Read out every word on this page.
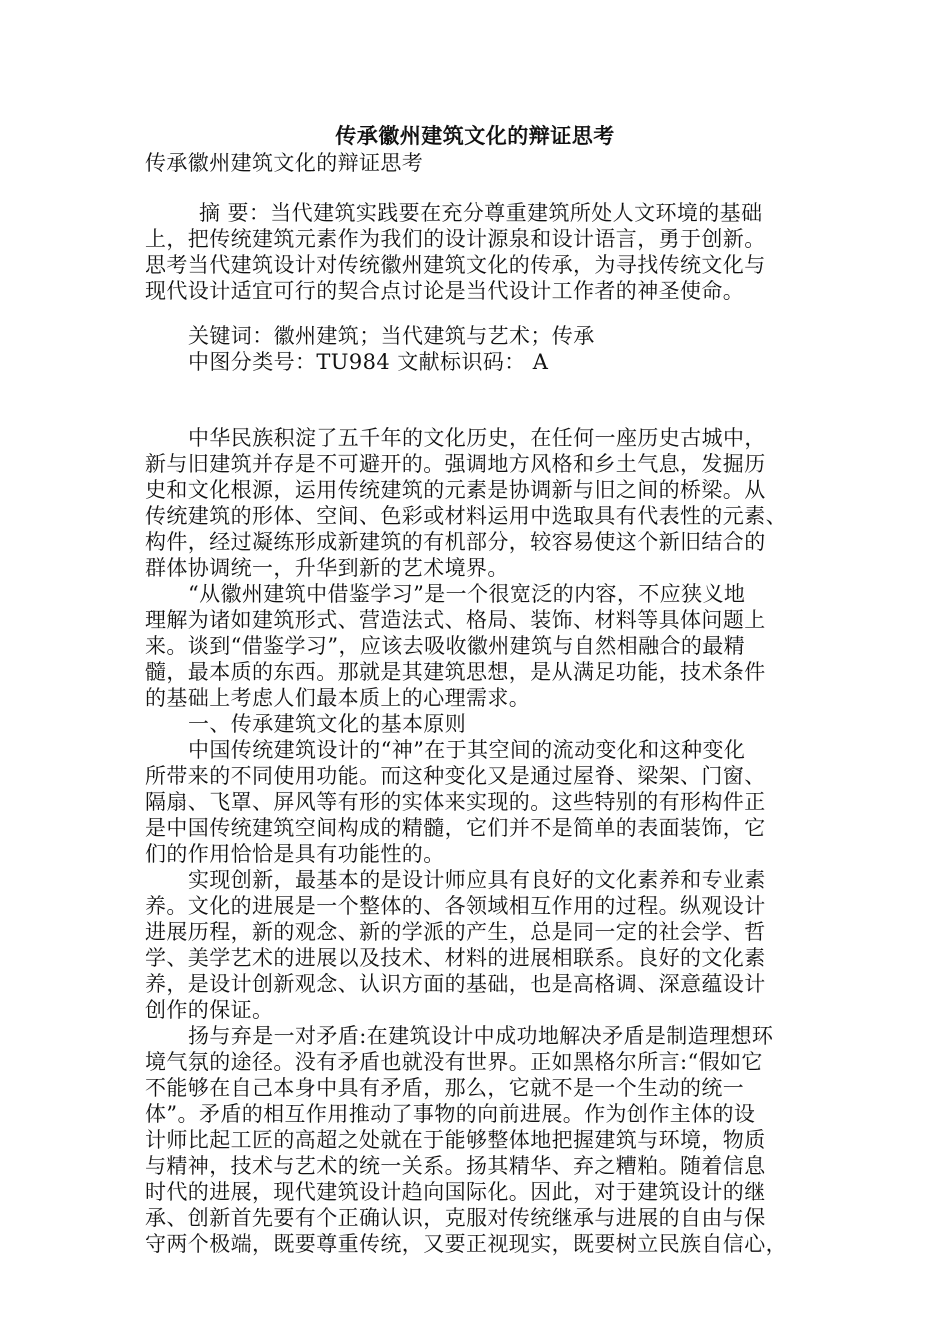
传承徽州建筑文化的辩证思考
传承徽州建筑文化的辩证思考
摘 要：当代建筑实践要在充分尊重建筑所处人文环境的基础
上，把传统建筑元素作为我们的设计源泉和设计语言，勇于创新。
思考当代建筑设计对传统徽州建筑文化的传承，为寻找传统文化与
现代设计适宜可行的契合点讨论是当代设计工作者的神圣使命。
关键词：徽州建筑；当代建筑与艺术；传承
中图分类号：TU984 文献标识码： A
中华民族积淀了五千年的文化历史，在任何一座历史古城中，
新与旧建筑并存是不可避开的。强调地方风格和乡土气息，发掘历
史和文化根源，运用传统建筑的元素是协调新与旧之间的桥梁。从
传统建筑的形体、空间、色彩或材料运用中选取具有代表性的元素、
构件，经过凝练形成新建筑的有机部分，较容易使这个新旧结合的
群体协调统一，升华到新的艺术境界。
“从徽州建筑中借鉴学习”是一个很宽泛的内容，不应狭义地
理解为诸如建筑形式、营造法式、格局、装饰、材料等具体问题上
来。谈到“借鉴学习”，应该去吸收徽州建筑与自然相融合的最精
髓，最本质的东西。那就是其建筑思想，是从满足功能，技术条件
的基础上考虑人们最本质上的心理需求。
一、传承建筑文化的基本原则
中国传统建筑设计的“神”在于其空间的流动变化和这种变化
所带来的不同使用功能。而这种变化又是通过屋脊、梁架、门窗、
隔扇、飞罩、屏风等有形的实体来实现的。这些特别的有形构件正
是中国传统建筑空间构成的精髓，它们并不是简单的表面装饰，它
们的作用恰恰是具有功能性的。
实现创新，最基本的是设计师应具有良好的文化素养和专业素
养。文化的进展是一个整体的、各领域相互作用的过程。纵观设计
进展历程，新的观念、新的学派的产生，总是同一定的社会学、哲
学、美学艺术的进展以及技术、材料的进展相联系。良好的文化素
养，是设计创新观念、认识方面的基础，也是高格调、深意蕴设计
创作的保证。
扬与弃是一对矛盾:在建筑设计中成功地解决矛盾是制造理想环
境气氛的途径。没有矛盾也就没有世界。正如黑格尔所言:“假如它
不能够在自己本身中具有矛盾，那么，它就不是一个生动的统一
体”。矛盾的相互作用推动了事物的向前进展。作为创作主体的设
计师比起工匠的高超之处就在于能够整体地把握建筑与环境，物质
与精神，技术与艺术的统一关系。扬其精华、弃之糟粕。随着信息
时代的进展，现代建筑设计趋向国际化。因此，对于建筑设计的继
承、创新首先要有个正确认识，克服对传统继承与进展的自由与保
守两个极端，既要尊重传统，又要正视现实，既要树立民族自信心，
